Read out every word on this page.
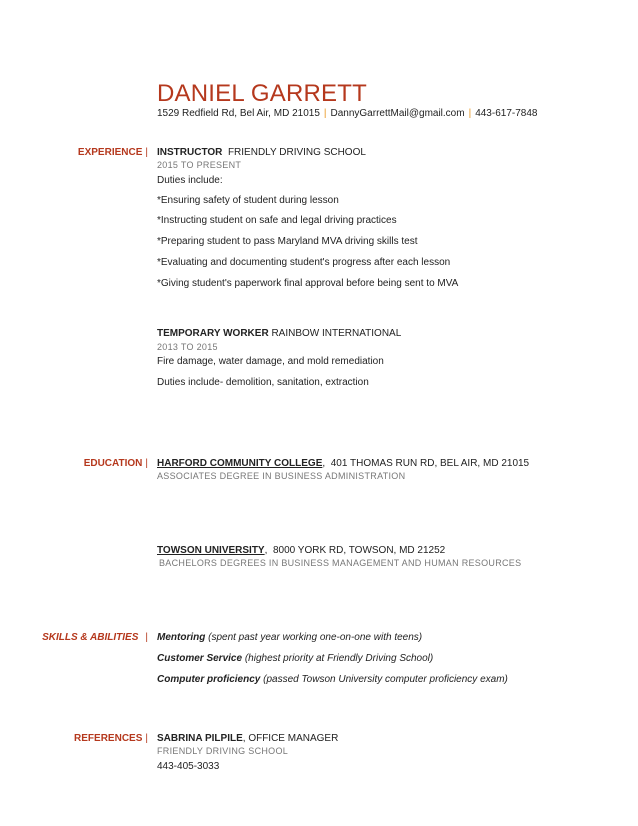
DANIEL GARRETT
1529 Redfield Rd, Bel Air, MD 21015 | DannyGarrettMail@gmail.com | 443-617-7848
EXPERIENCE | INSTRUCTOR FRIENDLY DRIVING SCHOOL
2015 TO PRESENT
Duties include:
*Ensuring safety of student during lesson
*Instructing student on safe and legal driving practices
*Preparing student to pass Maryland MVA driving skills test
*Evaluating and documenting student's progress after each lesson
*Giving student's paperwork final approval before being sent to MVA
TEMPORARY WORKER RAINBOW INTERNATIONAL
2013 TO 2015
Fire damage, water damage, and mold remediation
Duties include- demolition, sanitation, extraction
EDUCATION | HARFORD COMMUNITY COLLEGE,  401 THOMAS RUN RD, BEL AIR, MD 21015
ASSOCIATES DEGREE IN BUSINESS ADMINISTRATION
TOWSON UNIVERSITY,  8000 YORK RD, TOWSON, MD 21252
BACHELORS DEGREES IN BUSINESS MANAGEMENT AND HUMAN RESOURCES
SKILLS & ABILITIES | Mentoring (spent past year working one-on-one with teens)
Customer Service (highest priority at Friendly Driving School)
Computer proficiency (passed Towson University computer proficiency exam)
REFERENCES | SABRINA PILPILE, OFFICE MANAGER
FRIENDLY DRIVING SCHOOL
443-405-3033
